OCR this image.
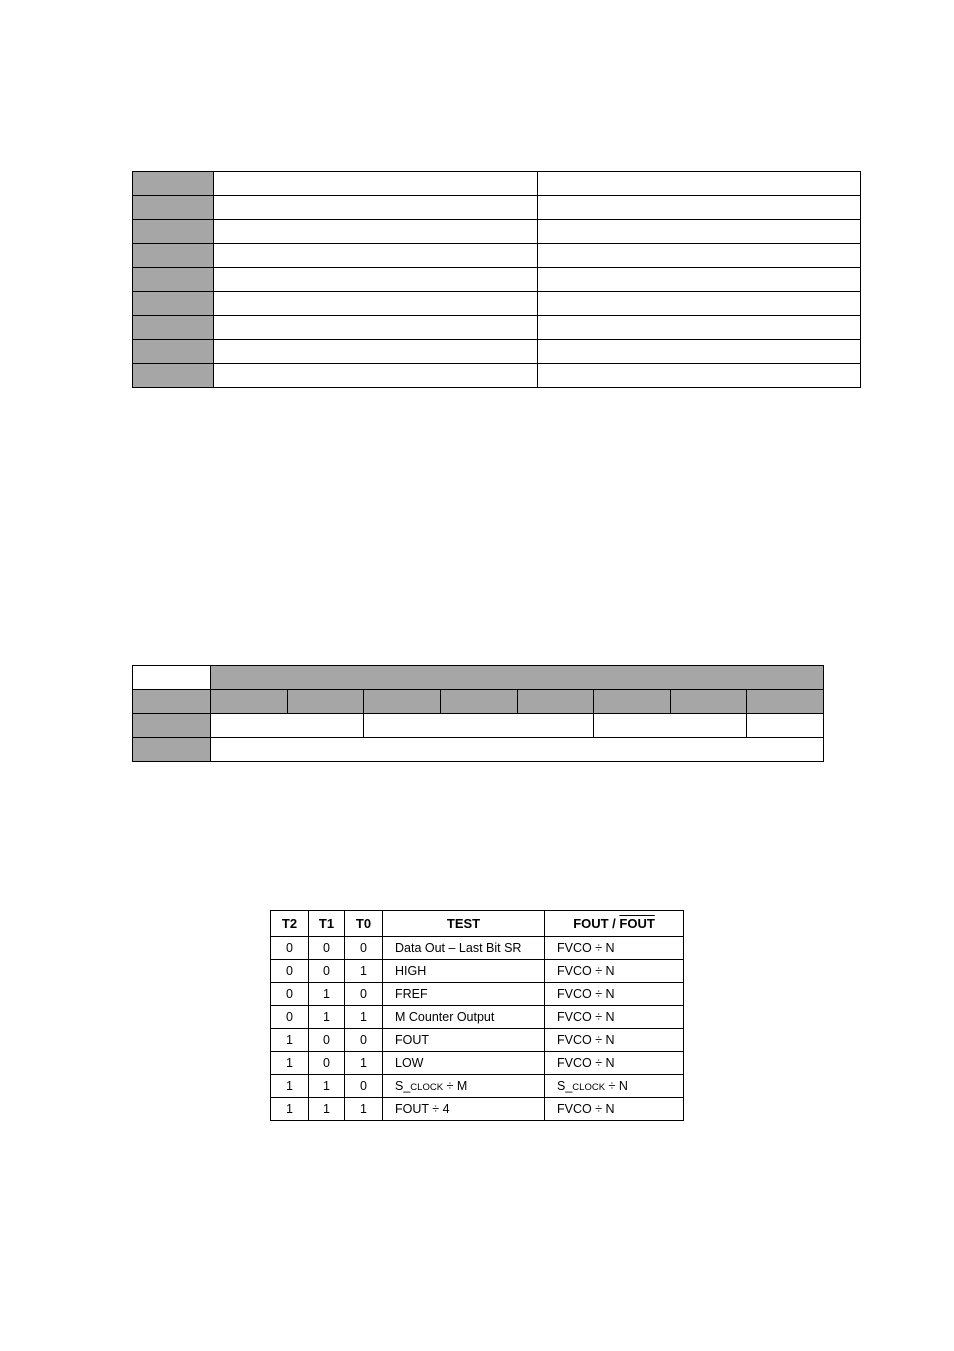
T2	T1	T0	TEST	FOUT / FOUT
0	0	0	Data Out – Last Bit SR	FVCO ÷ N
0	0	1	HIGH	FVCO ÷ N
0	1	0	FREF	FVCO ÷ N
0	1	1	M Counter Output	FVCO ÷ N
1	0	0	FOUT	FVCO ÷ N
1	0	1	LOW	FVCO ÷ N
1	1	0	S_CLOCK ÷ M	S_CLOCK ÷ N
1	1	1	FOUT ÷ 4	FVCO ÷ N
